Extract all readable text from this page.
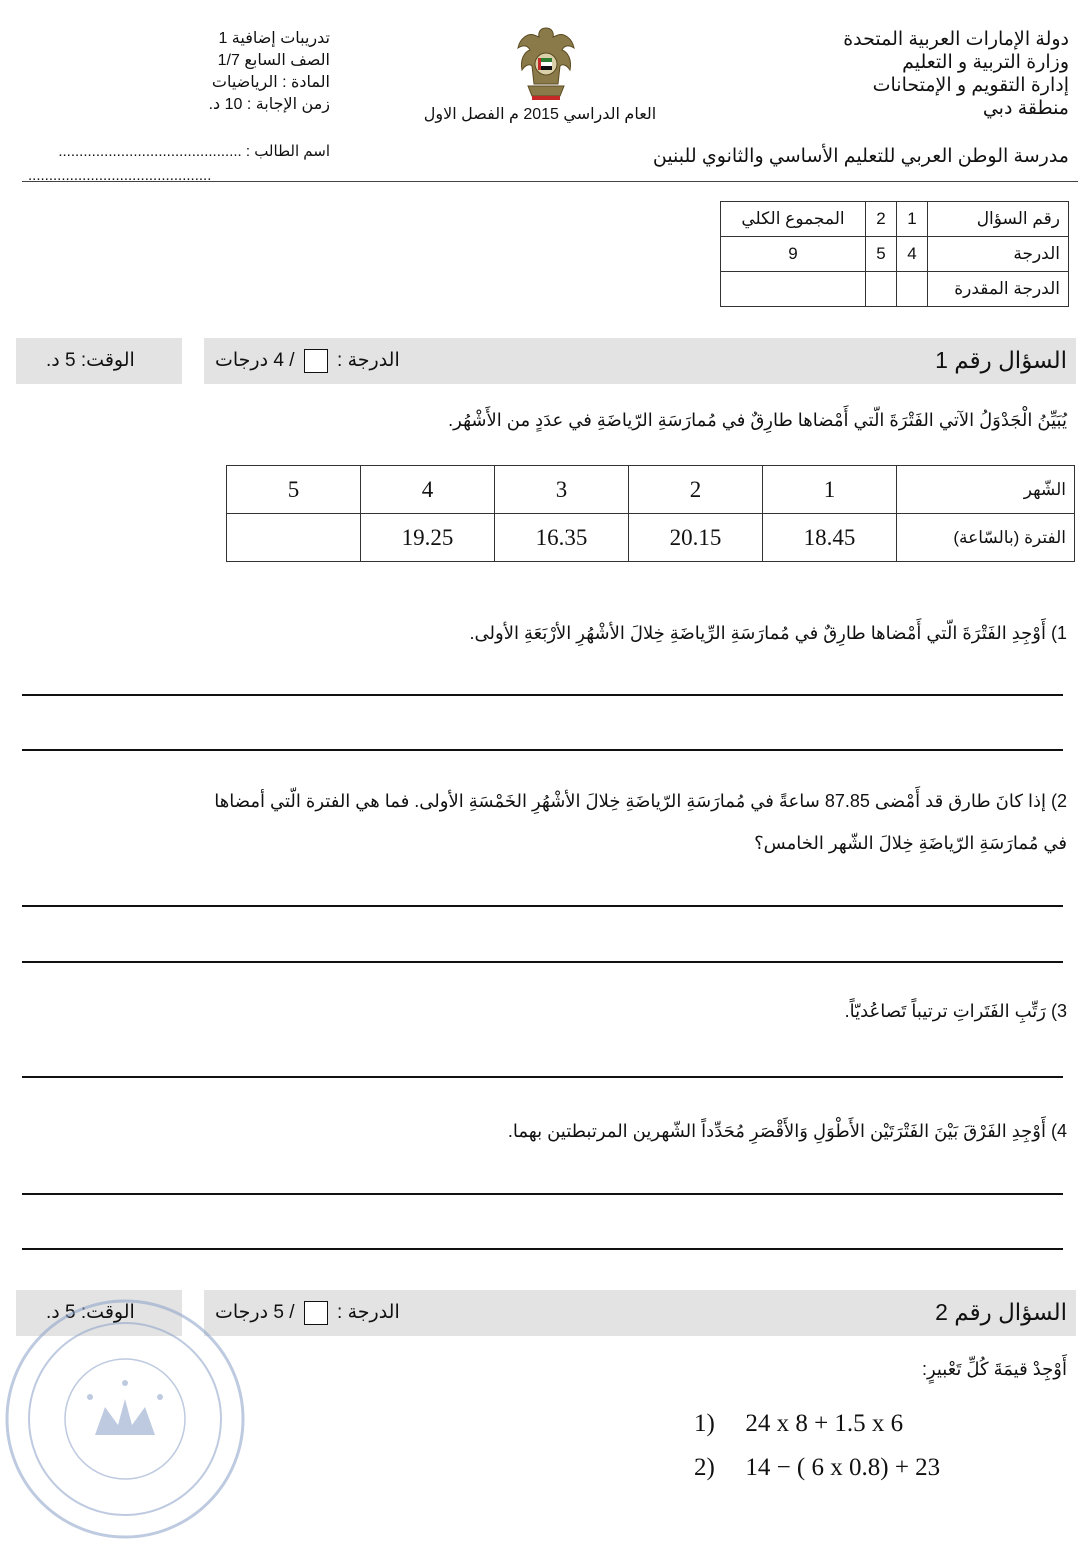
دولة الإمارات العربية المتحدة
وزارة التربية و التعليم
إدارة التقويم و الإمتحانات
منطقة دبي
العام الدراسي 2015 م الفصل الاول
تدريبات إضافية 1
الصف السابع 1/7
المادة : الرياضيات
زمن الإجابة : 10 د.
مدرسة الوطن العربي للتعليم الأساسي والثانوي للبنين
اسم الطالب : ............................................
............................................
رقم السؤال	1	2	المجموع الكلي
الدرجة	4	5	9
الدرجة المقدرة			
السؤال رقم 1
الدرجة :  / 4 درجات
الوقت: 5 د.
يُبَيِّنُ الْجَدْوَلُ الآتي الفَتْرَةَ الّتي أَمْضاها طارِقٌ في مُمارَسَةِ الرّياضَةِ في عدَدٍ من الأَشْهُر.
5	4	3	2	1	الشّهر
	19.25	16.35	20.15	18.45	الفترة (بالسّاعة)
1) أَوْجِدِ الفَتْرَةَ الّتي أَمْضاها طارِقٌ في مُمارَسَةِ الرِّياضَةِ خِلالَ الأشْهُرِ الأرْبَعَةِ الأولى.
2) إذا كانَ طارق قد أَمْضى 87.85 ساعةً في مُمارَسَةِ الرّياضَةِ خِلالَ الأشْهُرِ الخَمْسَةِ الأولى. فما هي الفترة الّتي أمضاها
في مُمارَسَةِ الرّياضَةِ خِلالَ الشّهر الخامس؟
3) رَتِّبِ الفَتَراتِ ترتيباً تَصاعُديّاً.
4) أَوْجِدِ الفَرْقَ بَيْنَ الفَتْرَتَيْن الأَطْوَلِ وَالأَقْصَرِ مُحَدِّداً الشّهرين المرتبطتين بهما.
السؤال رقم 2
الدرجة :  / 5 درجات
الوقت: 5 د.
أَوْجِدْ قيمَةَ كُلِّ تَعْبيرٍ:
1) 24 x 8 + 1.5 x 6
2) 14 − ( 6 x 0.8) + 23
